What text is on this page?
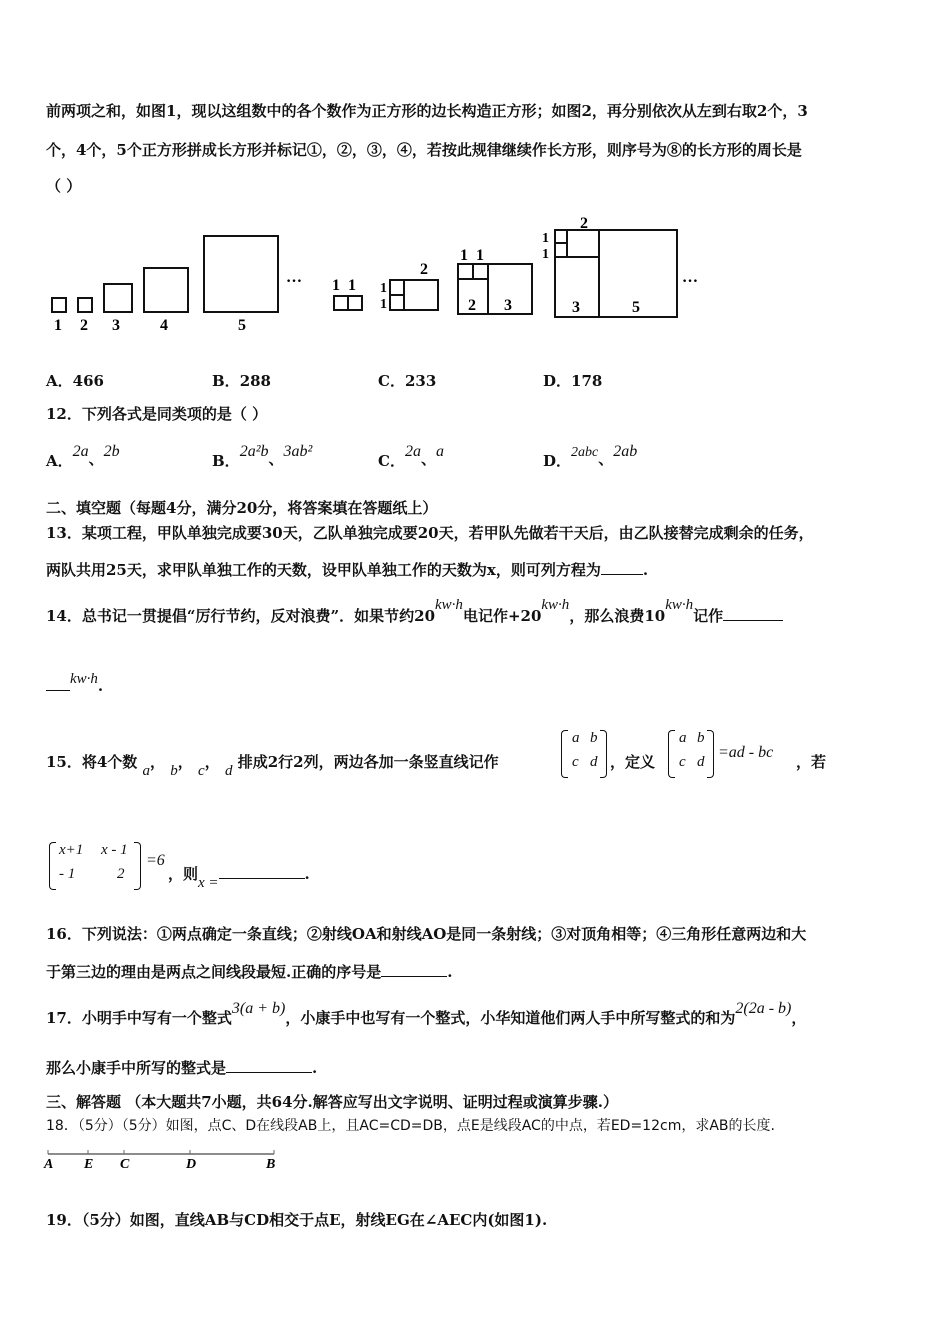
前两项之和，如图1，现以这组数中的各个数作为正方形的边长构造正方形；如图2，再分别依次从左到右取2个，3
个，4个，5个正方形拼成长方形并标记①，②，③，④，若按此规律继续作长方形，则序号为⑧的长方形的周长是
（ ）
1 2 3	4	5
… 1 1 1
1
2
1 1
2 3
1
1
2
3	5
…
A．466	B．288	C．233	D．178
12．下列各式是同类项的是（ ）
A．2a、2b
B．2a²b、3ab²
C．2a、a
D．2abc、2ab
二、填空题（每题4分，满分20分，将答案填在答题纸上）
13．某项工程，甲队单独完成要30天，乙队单独完成要20天，若甲队先做若干天后，由乙队接替完成剩余的任务，
两队共用25天，求甲队单独工作的天数，设甲队单独工作的天数为x，则可列方程为	.
14．总书记一贯提倡“厉行节约，反对浪费”．如果节约20kw·h电记作+20kw·h，那么浪费10kw·h记作
kw·h.
15．将4个数 a， b， c， d 排成2行2列，两边各加一条竖直线记作
a b
c d ，定义
a b
c d
=ad - bc
，若
x+1 x - 1
- 1	2
=6
，则x =	.
16．下列说法：①两点确定一条直线；②射线OA和射线AO是同一条射线；③对顶角相等；④三角形任意两边和大
于第三边的理由是两点之间线段最短.正确的序号是	.
17．小明手中写有一个整式3(a + b)，小康手中也写有一个整式，小华知道他们两人手中所写整式的和为2(2a - b)，
那么小康手中所写的整式是	.
三、解答题 （本大题共7小题，共64分.解答应写出文字说明、证明过程或演算步骤.）
18．（5分）（5分）如图，点C、D在线段AB上，且AC=CD=DB，点E是线段AC的中点，若ED=12cm，求AB的长度.
A E C	D	B
19．（5分）如图，直线AB与CD相交于点E，射线EG在∠AEC内(如图1).
